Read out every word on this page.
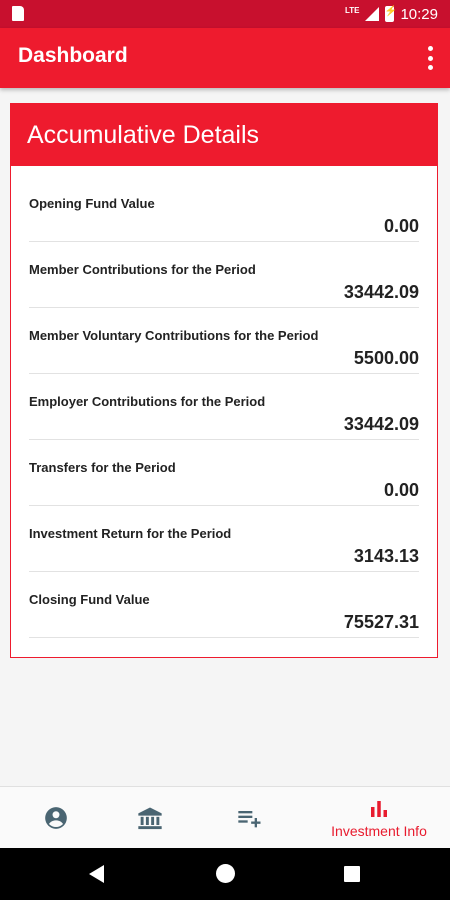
LTE
⚡	10:29
Dashboard
Accumulative Details
Opening Fund Value
0.00
Member Contributions for the Period
33442.09
Member Voluntary Contributions for the Period
5500.00
Employer Contributions for the Period
33442.09
Transfers for the Period
0.00
Investment Return for the Period
3143.13
Closing Fund Value
75527.31
Investment Info
